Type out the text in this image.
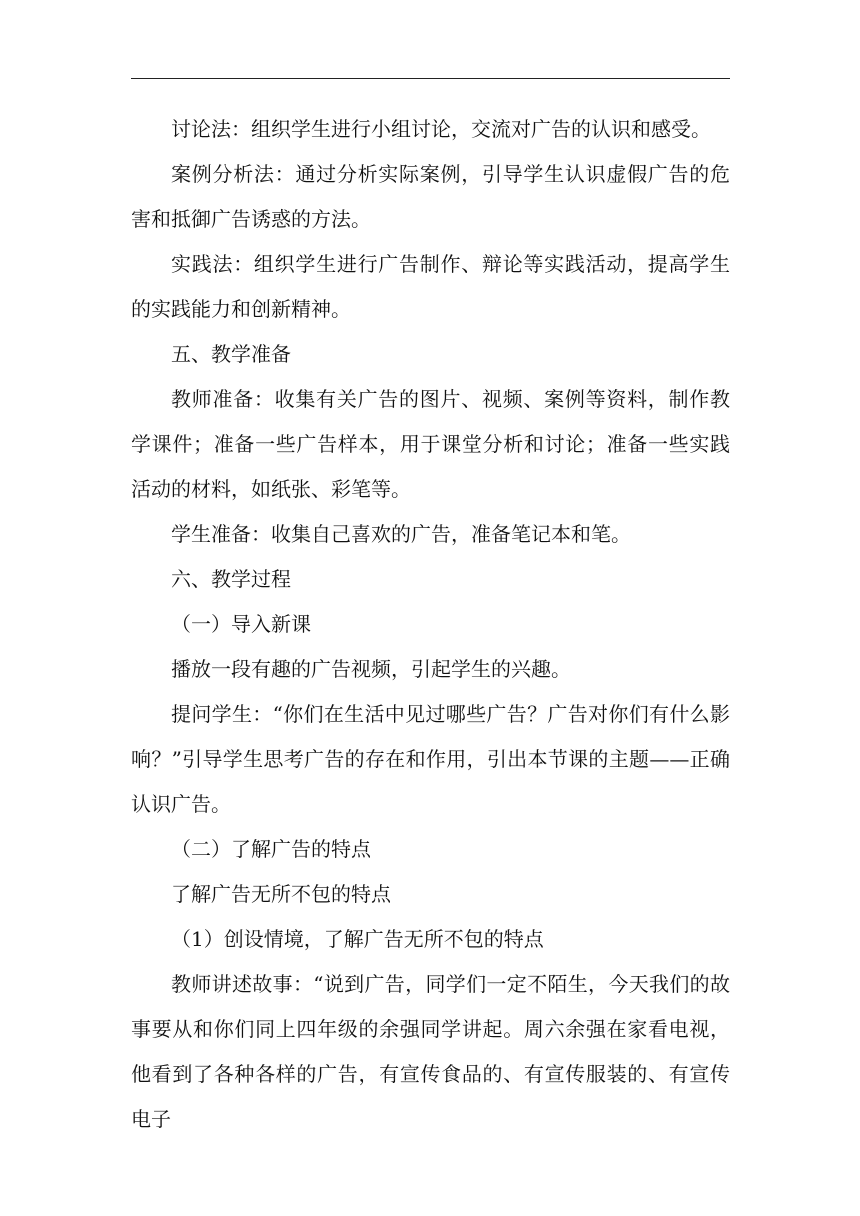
讨论法：组织学生进行小组讨论，交流对广告的认识和感受。

案例分析法：通过分析实际案例，引导学生认识虚假广告的危害和抵御广告诱惑的方法。

实践法：组织学生进行广告制作、辩论等实践活动，提高学生的实践能力和创新精神。

五、教学准备

教师准备：收集有关广告的图片、视频、案例等资料，制作教学课件；准备一些广告样本，用于课堂分析和讨论；准备一些实践活动的材料，如纸张、彩笔等。

学生准备：收集自己喜欢的广告，准备笔记本和笔。

六、教学过程

（一）导入新课

播放一段有趣的广告视频，引起学生的兴趣。

提问学生：“你们在生活中见过哪些广告？广告对你们有什么影响？”引导学生思考广告的存在和作用，引出本节课的主题——正确认识广告。

（二）了解广告的特点

了解广告无所不包的特点

（1）创设情境，了解广告无所不包的特点

教师讲述故事：“说到广告，同学们一定不陌生，今天我们的故事要从和你们同上四年级的余强同学讲起。周六余强在家看电视，他看到了各种各样的广告，有宣传食品的、有宣传服装的、有宣传电子
